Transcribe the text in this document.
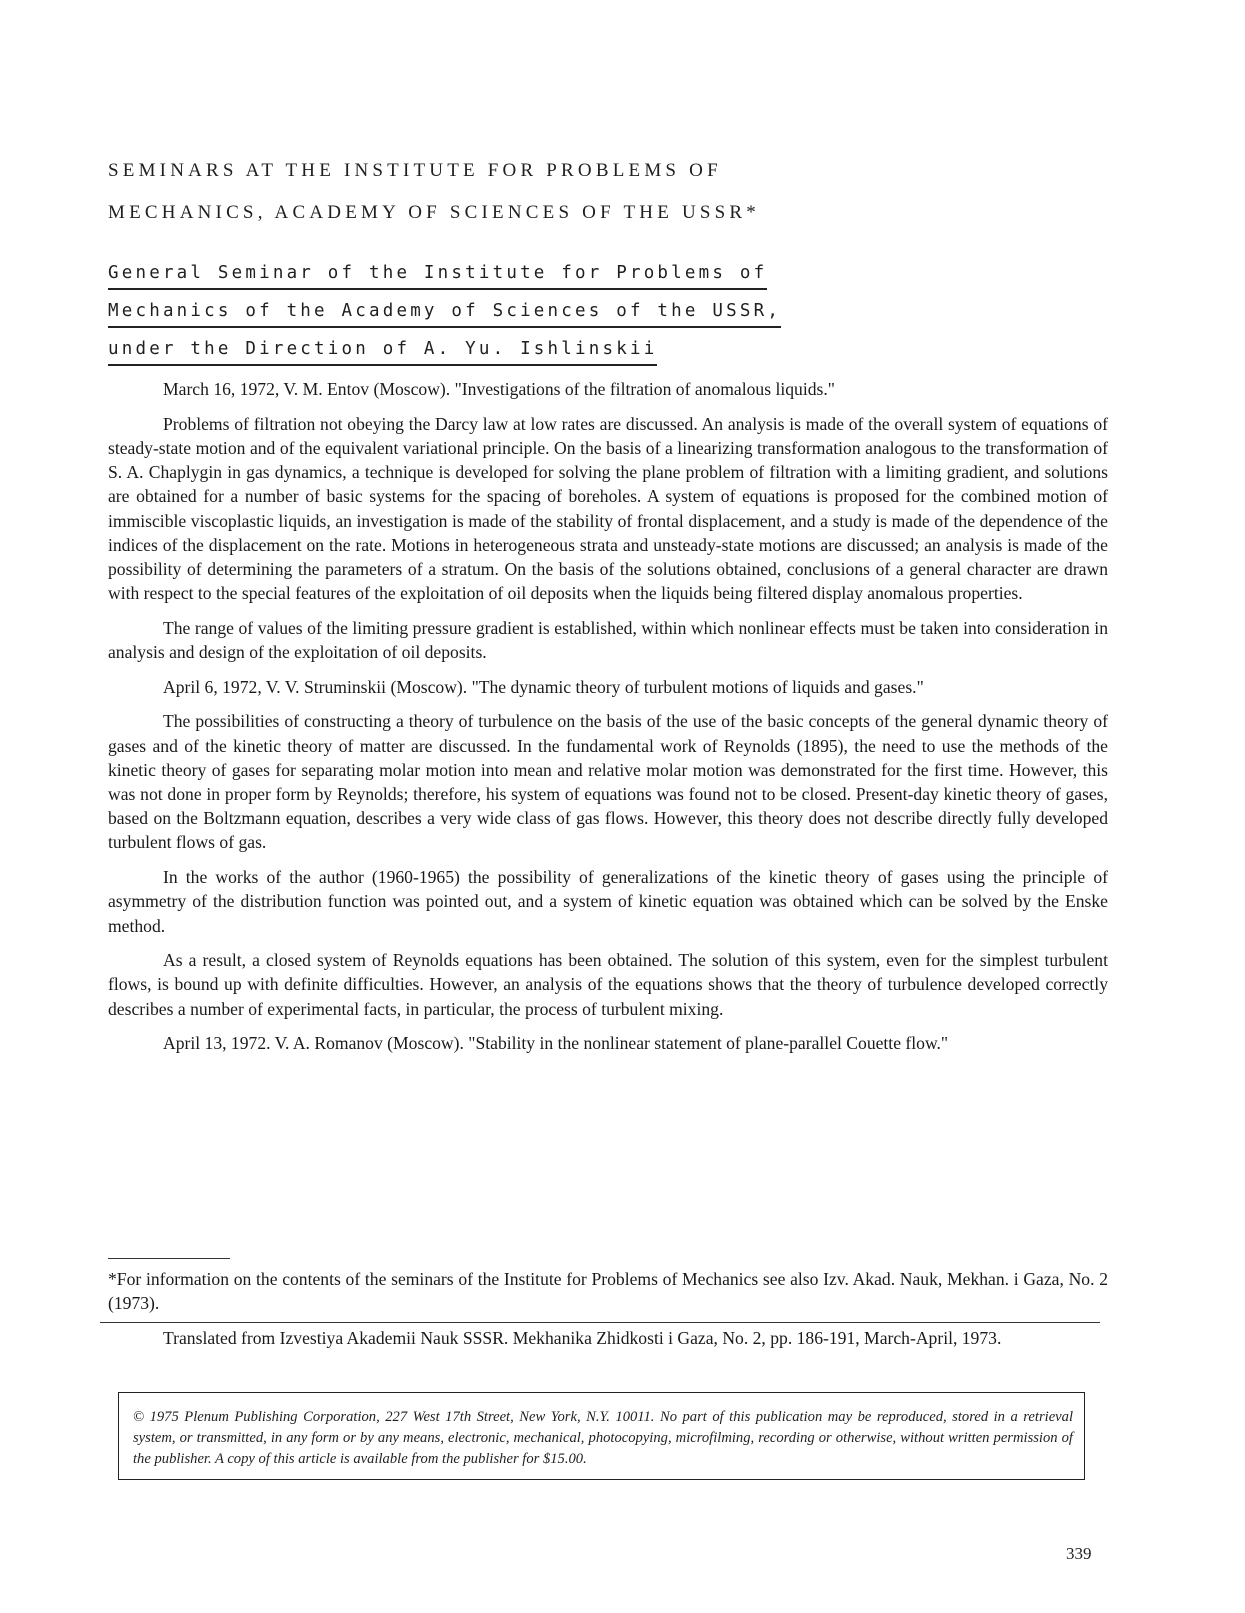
SEMINARS AT THE INSTITUTE FOR PROBLEMS OF
MECHANICS, ACADEMY OF SCIENCES OF THE USSR*
General Seminar of the Institute for Problems of
Mechanics of the Academy of Sciences of the USSR,
under the Direction of A. Yu. Ishlinskii

March 16, 1972, V. M. Entov (Moscow). "Investigations of the filtration of anomalous liquids."

Problems of filtration not obeying the Darcy law at low rates are discussed. An analysis is made of the overall system of equations of steady-state motion and of the equivalent variational principle. On the basis of a linearizing transformation analogous to the transformation of S. A. Chaplygin in gas dynamics, a technique is developed for solving the plane problem of filtration with a limiting gradient, and solutions are obtained for a number of basic systems for the spacing of boreholes. A system of equations is proposed for the combined motion of immiscible viscoplastic liquids, an investigation is made of the stability of frontal displacement, and a study is made of the dependence of the indices of the displacement on the rate. Motions in heterogeneous strata and unsteady-state motions are discussed; an analysis is made of the possibility of determining the parameters of a stratum. On the basis of the solutions obtained, conclusions of a general character are drawn with respect to the special features of the exploitation of oil deposits when the liquids being filtered display anomalous properties.

The range of values of the limiting pressure gradient is established, within which nonlinear effects must be taken into consideration in analysis and design of the exploitation of oil deposits.

April 6, 1972, V. V. Struminskii (Moscow). "The dynamic theory of turbulent motions of liquids and gases."

The possibilities of constructing a theory of turbulence on the basis of the use of the basic concepts of the general dynamic theory of gases and of the kinetic theory of matter are discussed. In the fundamental work of Reynolds (1895), the need to use the methods of the kinetic theory of gases for separating molar motion into mean and relative molar motion was demonstrated for the first time. However, this was not done in proper form by Reynolds; therefore, his system of equations was found not to be closed. Present-day kinetic theory of gases, based on the Boltzmann equation, describes a very wide class of gas flows. However, this theory does not describe directly fully developed turbulent flows of gas.

In the works of the author (1960-1965) the possibility of generalizations of the kinetic theory of gases using the principle of asymmetry of the distribution function was pointed out, and a system of kinetic equation was obtained which can be solved by the Enske method.

As a result, a closed system of Reynolds equations has been obtained. The solution of this system, even for the simplest turbulent flows, is bound up with definite difficulties. However, an analysis of the equations shows that the theory of turbulence developed correctly describes a number of experimental facts, in particular, the process of turbulent mixing.

April 13, 1972. V. A. Romanov (Moscow). "Stability in the nonlinear statement of plane-parallel Couette flow."

*For information on the contents of the seminars of the Institute for Problems of Mechanics see also Izv. Akad. Nauk, Mekhan. i Gaza, No. 2 (1973).
Translated from Izvestiya Akademii Nauk SSSR. Mekhanika Zhidkosti i Gaza, No. 2, pp. 186-191, March-April, 1973.
© 1975 Plenum Publishing Corporation, 227 West 17th Street, New York, N.Y. 10011. No part of this publication may be reproduced, stored in a retrieval system, or transmitted, in any form or by any means, electronic, mechanical, photocopying, microfilming, recording or otherwise, without written permission of the publisher. A copy of this article is available from the publisher for $15.00.
339
